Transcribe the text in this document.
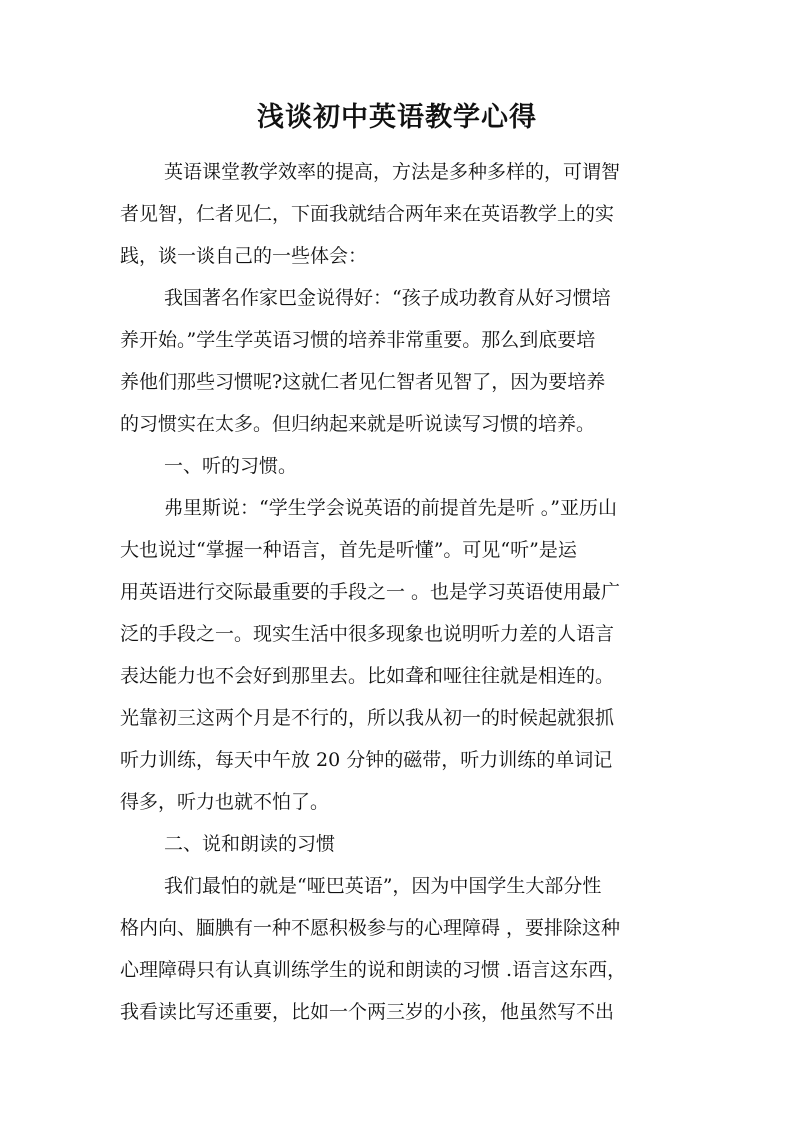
浅谈初中英语教学心得
英语课堂教学效率的提高，方法是多种多样的，可谓智
者见智，仁者见仁，下面我就结合两年来在英语教学上的实
践，谈一谈自己的一些体会：
我国著名作家巴金说得好：“孩子成功教育从好习惯培
养开始。”学生学英语习惯的培养非常重要。那么到底要培
养他们那些习惯呢?这就仁者见仁智者见智了，因为要培养
的习惯实在太多。但归纳起来就是听说读写习惯的培养。
一、听的习惯。
弗里斯说：“学生学会说英语的前提首先是听 。”亚历山
大也说过“掌握一种语言，首先是听懂”。可见“听”是运
用英语进行交际最重要的手段之一 。也是学习英语使用最广
泛的手段之一。现实生活中很多现象也说明听力差的人语言
表达能力也不会好到那里去。比如聋和哑往往就是相连的。
光靠初三这两个月是不行的，所以我从初一的时候起就狠抓
听力训练，每天中午放 20 分钟的磁带，听力训练的单词记
得多，听力也就不怕了。
二、说和朗读的习惯
我们最怕的就是“哑巴英语”，因为中国学生大部分性
格内向、腼腆有一种不愿积极参与的心理障碍 ，要排除这种
心理障碍只有认真训练学生的说和朗读的习惯 .语言这东西，
我看读比写还重要，比如一个两三岁的小孩，他虽然写不出
